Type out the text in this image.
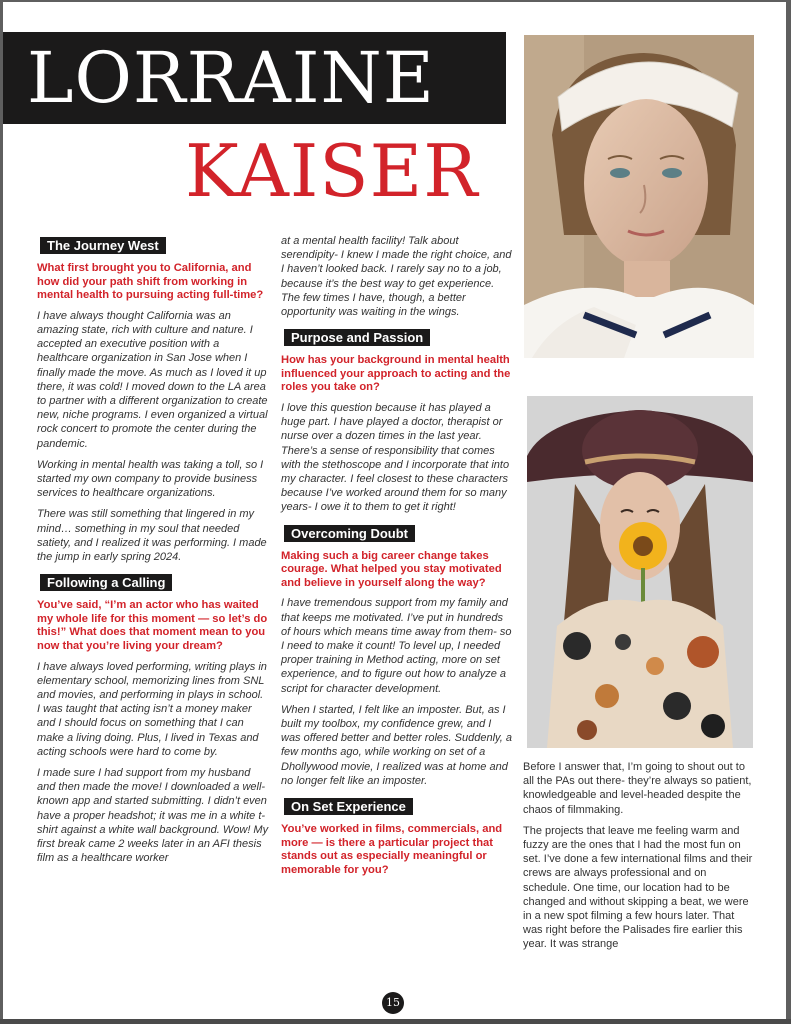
LORRAINE
KAISER
The Journey West

What first brought you to California, and how did your path shift from working in mental health to pursuing acting full-time?

I have always thought California was an amazing state, rich with culture and nature. I accepted an executive position with a healthcare organization in San Jose when I finally made the move. As much as I loved it up there, it was cold! I moved down to the LA area to partner with a different organization to create new, niche programs. I even organized a virtual rock concert to promote the center during the pandemic.

Working in mental health was taking a toll, so I started my own company to provide business services to healthcare organizations.

There was still something that lingered in my mind… something in my soul that needed satiety, and I realized it was performing. I made the jump in early spring 2024.

Following a Calling

You’ve said, “I’m an actor who has waited my whole life for this moment — so let’s do this!” What does that moment mean to you now that you’re living your dream?

I have always loved performing, writing plays in elementary school, memorizing lines from SNL and movies, and performing in plays in school. I was taught that acting isn’t a money maker and I should focus on something that I can make a living doing. Plus, I lived in Texas and acting schools were hard to come by.

I made sure I had support from my husband and then made the move! I downloaded a well-known app and started submitting. I didn’t even have a proper headshot; it was me in a white t-shirt against a white wall background. Wow! My first break came 2 weeks later in an AFI thesis film as a healthcare worker

at a mental health facility! Talk about serendipity- I knew I made the right choice, and I haven’t looked back. I rarely say no to a job, because it’s the best way to get experience. The few times I have, though, a better opportunity was waiting in the wings.

Purpose and Passion

How has your background in mental health influenced your approach to acting and the roles you take on?

I love this question because it has played a huge part. I have played a doctor, therapist or nurse over a dozen times in the last year. There’s a sense of responsibility that comes with the stethoscope and I incorporate that into my character. I feel closest to these characters because I’ve worked around them for so many years- I owe it to them to get it right!

Overcoming Doubt

Making such a big career change takes courage. What helped you stay motivated and believe in yourself along the way?

I have tremendous support from my family and that keeps me motivated. I’ve put in hundreds of hours which means time away from them- so I need to make it count! To level up, I needed proper training in Method acting, more on set experience, and to figure out how to analyze a script for character development.

When I started, I felt like an imposter. But, as I built my toolbox, my confidence grew, and I was offered better and better roles. Suddenly, a few months ago, while working on set of a Dhollywood movie, I realized was at home and no longer felt like an imposter.

On Set Experience

You’ve worked in films, commercials, and more — is there a particular project that stands out as especially meaningful or memorable for you?

Before I answer that, I’m going to shout out to all the PAs out there- they’re always so patient, knowledgeable and level-headed despite the chaos of filmmaking.

The projects that leave me feeling warm and fuzzy are the ones that I had the most fun on set. I’ve done a few international films and their crews are always professional and on schedule. One time, our location had to be changed and without skipping a beat, we were in a new spot filming a few hours later. That was right before the Palisades fire earlier this year. It was strange

15
